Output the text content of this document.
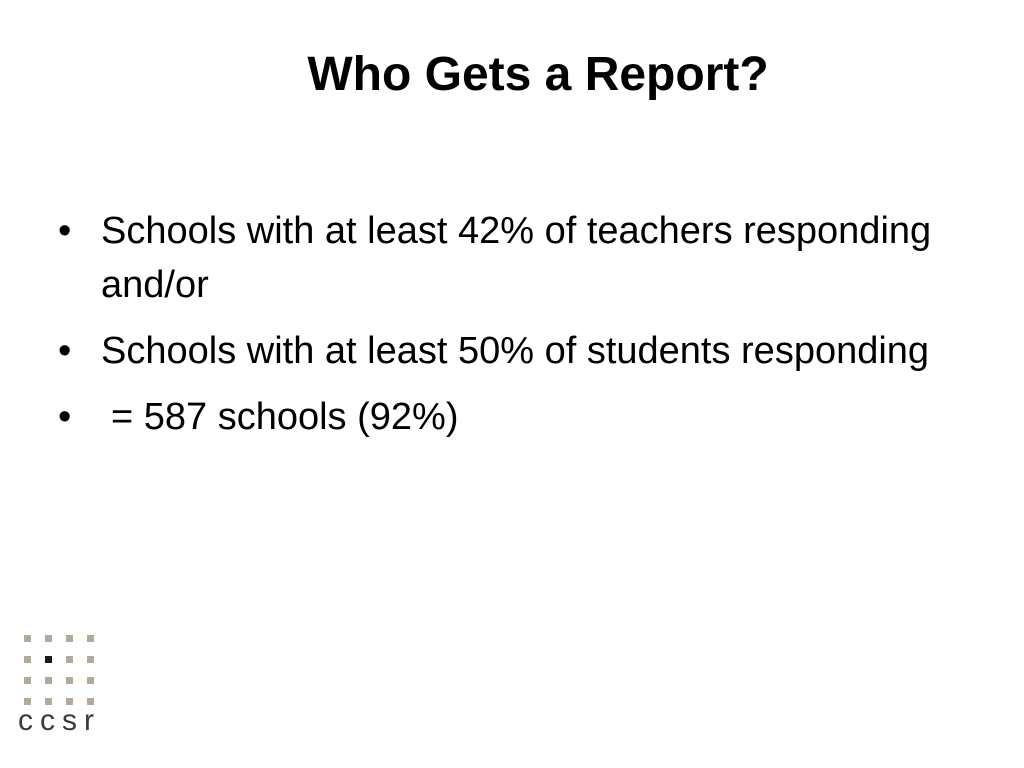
Who Gets a Report?
• Schools with at least 42% of teachers responding and/or
• Schools with at least 50% of students responding
• = 587 schools (92%)
ccsr
